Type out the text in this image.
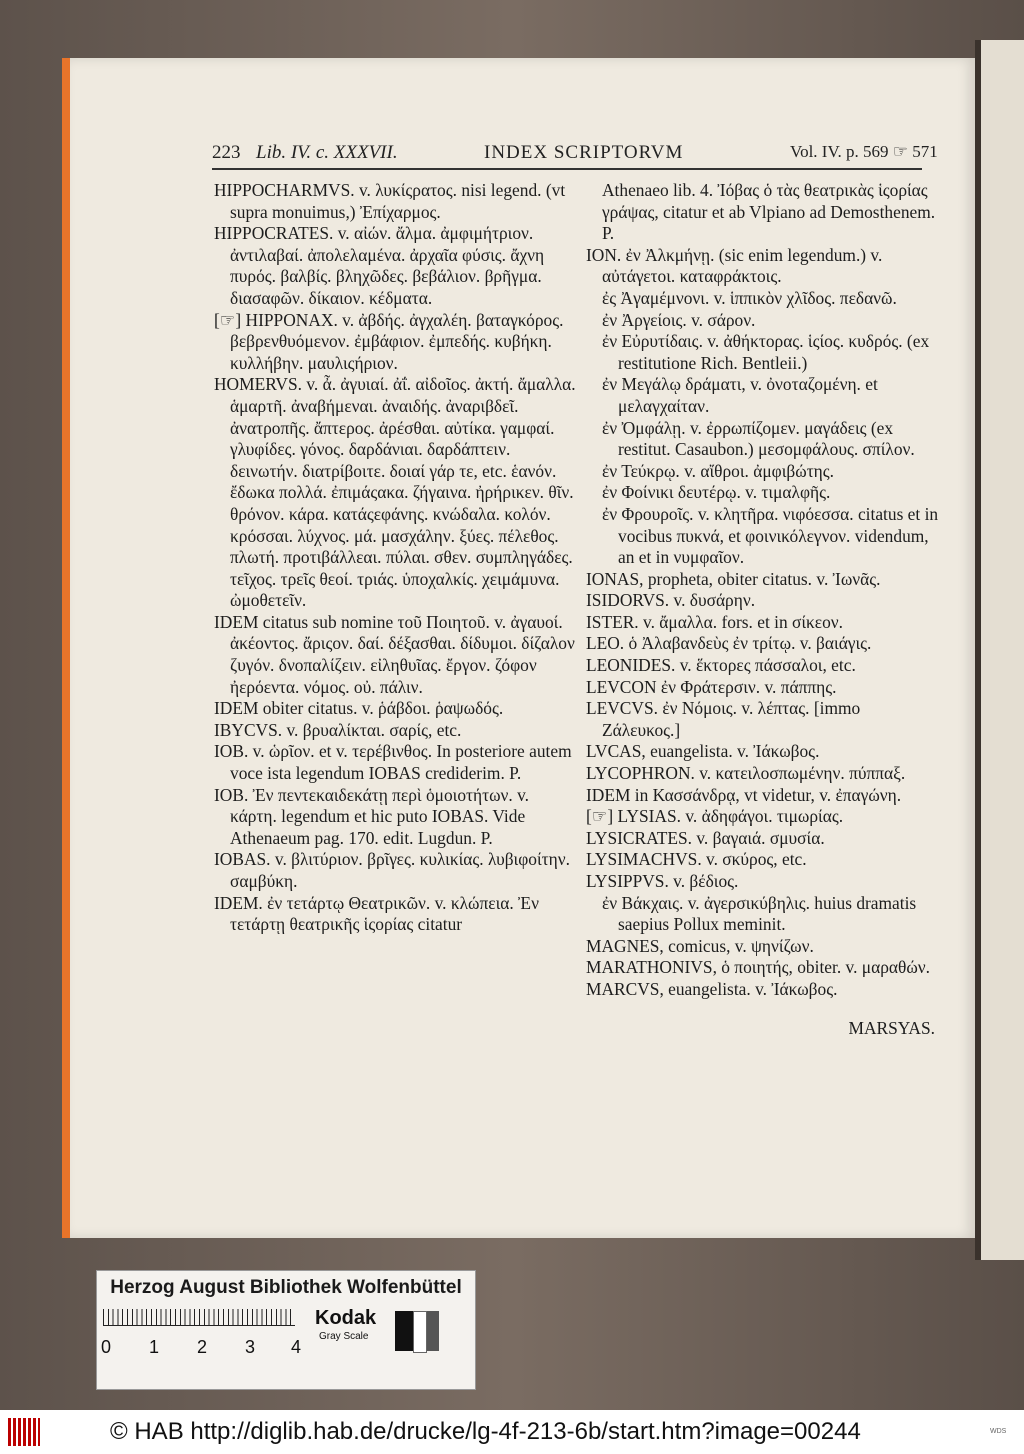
223 Lib. IV. c. XXXVII.	INDEX SCRIPTORVM	Vol. IV. p. 569 ☞ 571

HIPPOCHARMVS. v. λυκίςρατος. nisi legend. (vt supra monuimus,) Ἐπίχαρμος.

HIPPOCRATES. v. αἰών. ἄλμα. ἀμφιμήτριον. ἀντιλαβαί. ἀπολελαμένα. ἀρχαῖα φύσις. ἄχνη πυρός. βαλβίς. βληχῶδες. βεβάλιον. βρῆγμα. διασαφῶν. δίκαιον. κέδματα.

[☞] HIPPONAX. v. ἀβδής. ἀγχαλέη. βαταγκόρος. βεβρενθυόμενον. ἐμβάφιον. ἐμπεδής. κυβήκη. κυλλήβην. μαυλιςήριον.

HOMERVS. v. ἆ. ἀγυιαί. ἀΐ. αἰδοῖος. ἀκτή. ἄμαλλα. ἁμαρτῆ. ἀναβήμεναι. ἀναιδής. ἀναριβδεῖ. ἀνατροπῆς. ἄπτερος. ἀρέσθαι. αὐτίκα. γαμφαί. γλυφίδες. γόνος. δαρδάνιαι. δαρδάπτειν. δεινωτήν. διατρίβοιτε. δοιαί γάρ τε, etc. ἑανόν. ἔδωκα πολλά. ἐπιμάςακα. ζήγαινα. ἠρήρικεν. θῖν. θρόνον. κάρα. κατάςεφάνης. κνώδαλα. κολόν. κρόσσαι. λύχνος. μά. μασχάλην. ξύες. πέλεθος. πλωτή. προτιβάλλεαι. πύλαι. σθεν. συμπληγάδες. τεῖχος. τρεῖς θεοί. τριάς. ὑποχαλκίς. χειμάμυνα. ὠμοθετεῖν.

IDEM citatus sub nomine τοῦ Ποιητοῦ. v. ἀγαυοί. ἀκέοντος. ἄριςον. δαί. δέξασθαι. δίδυμοι. δίζαλον ζυγόν. δνοπαλίζειν. εἰληθυῖας. ἔργον. ζόφον ἠερόεντα. νόμος. οὐ. πάλιν.

IDEM obiter citatus. v. ῥάβδοι. ῥαψωδός.

IBYCVS. v. βρυαλίκται. σαρίς, etc.

IOB. v. ὡρῖον. et v. τερέβινθος. In posteriore autem voce ista legendum IOBAS crediderim. P.

IOB. Ἐν πεντεκαιδεκάτῃ περὶ ὁμοιοτήτων. v. κάρτη. legendum et hic puto IOBAS. Vide Athenaeum pag. 170. edit. Lugdun. P.

IOBAS. v. βλιτύριον. βρῖγες. κυλικίας. λυβιφοίτην. σαμβύκη.

IDEM. ἐν τετάρτῳ Θεατρικῶν. v. κλώπεια. Ἐν τετάρτῃ θεατρικῆς ἱςορίας citatur

Athenaeo lib. 4. Ἰόβας ὁ τὰς θεατρικὰς ἱςορίας γράψας, citatur et ab Vlpiano ad Demosthenem. P.

ION. ἐν Ἀλκμήνῃ. (sic enim legendum.) v. αὐτάγετοι. καταφράκτοις.

ἐς Ἀγαμέμνονι. v. ἱππικὸν χλῖδος. πεδανῶ.

ἐν Ἀργείοις. v. σάρον.

ἐν Εὐρυτίδαις. v. ἀθήκτορας. ἱςίος. κυδρός. (ex restitutione Rich. Bentleii.)

ἐν Μεγάλῳ δράματι, v. ὀνοταζομένη. et μελαγχαίταν.

ἐν Ὀμφάλῃ. v. ἐρρωπίζομεν. μαγάδεις (ex restitut. Casaubon.) μεσομφάλους. σπίλον.

ἐν Τεύκρῳ. v. αἴθροι. ἀμφιβώτης.

ἐν Φοίνικι δευτέρῳ. v. τιμαλφῆς.

ἐν Φρουροῖς. v. κλητῆρα. νιφόεσσα. citatus et in vocibus πυκνά, et φοινικόλεγνον. videndum, an et in νυμφαῖον.

IONAS, propheta, obiter citatus. v. Ἰωνᾶς.

ISIDORVS. v. δυσάρην.

ISTER. v. ἄμαλλα. fors. et in σίκεον.

LEO. ὁ Ἀλαβανδεὺς ἐν τρίτῳ. v. βαιάγις.

LEONIDES. v. ἕκτορες πάσσαλοι, etc.

LEVCON ἐν Φράτερσιν. v. πάππης.

LEVCVS. ἐν Νόμοις. v. λέπτας. [immo Ζάλευκος.]

LVCAS, euangelista. v. Ἰάκωβος.

LYCOPHRON. v. κατειλοσπωμένην. πύππαξ.

IDEM in Κασσάνδρᾳ, vt videtur, v. ἐπαγώνη.

[☞] LYSIAS. v. ἀδηφάγοι. τιμωρίας.

LYSICRATES. v. βαγαιά. σμυσία.

LYSIMACHVS. v. σκύρος, etc.

LYSIPPVS. v. βέδιος.

ἐν Βάκχαις. v. ἀγερσικύβηλις. huius dramatis saepius Pollux meminit.

MAGNES, comicus, v. ψηνίζων.

MARATHONIVS, ὁ ποιητής, obiter. v. μαραθών.

MARCVS, euangelista. v. Ἰάκωβος.

MARSYAS.

Herzog August Bibliothek Wolfenbüttel
0 1 2 3 4
Kodak
Gray Scale
© HAB http://diglib.hab.de/drucke/lg-4f-213-6b/start.htm?image=00244	WDS
